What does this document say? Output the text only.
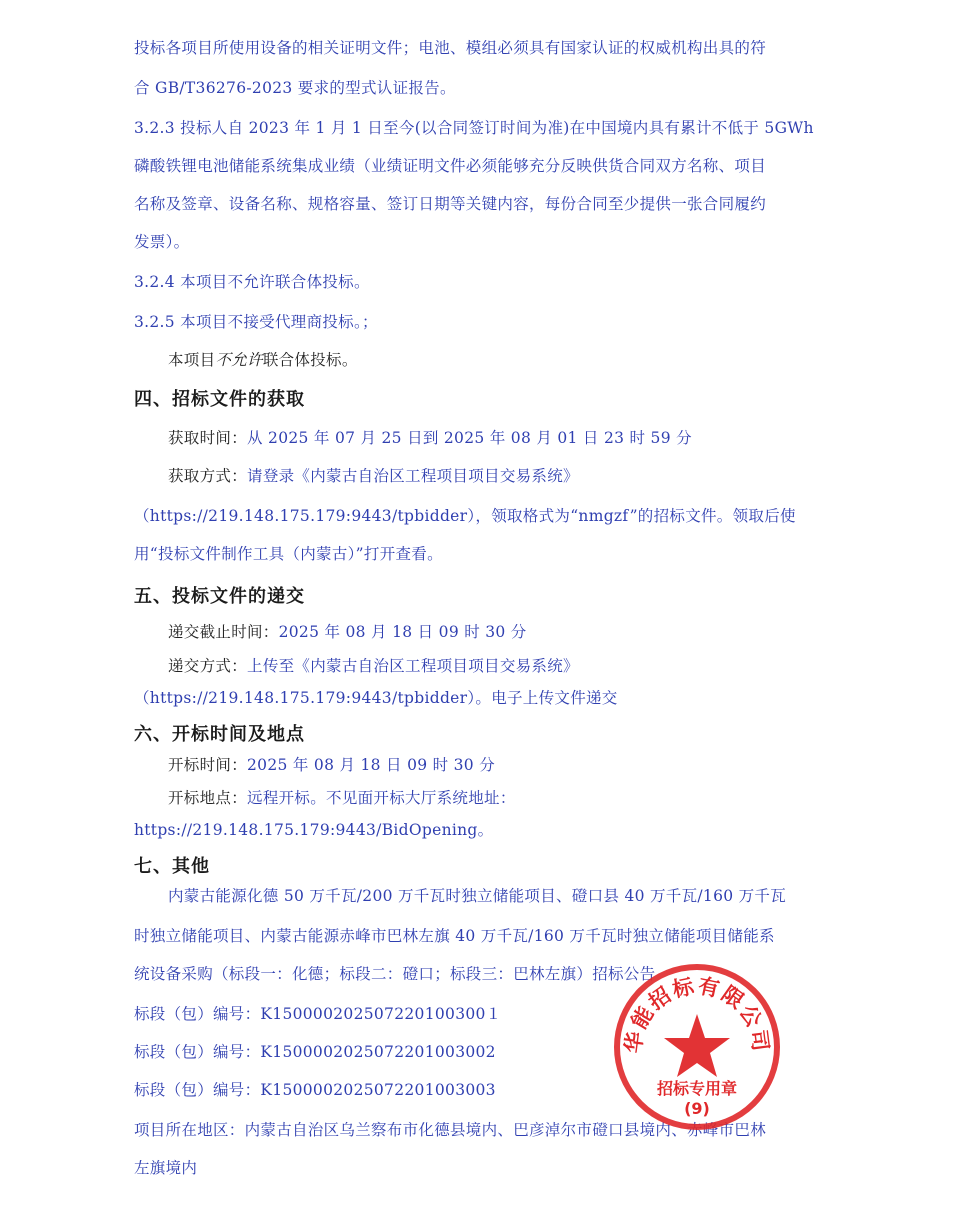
投标各项目所使用设备的相关证明文件；电池、模组必须具有国家认证的权威机构出具的符
合 GB/T36276-2023 要求的型式认证报告。
3.2.3 投标人自 2023 年 1 月 1 日至今(以合同签订时间为准)在中国境内具有累计不低于 5GWh
磷酸铁锂电池储能系统集成业绩（业绩证明文件必须能够充分反映供货合同双方名称、项目
名称及签章、设备名称、规格容量、签订日期等关键内容，每份合同至少提供一张合同履约
发票）。
3.2.4 本项目不允许联合体投标。
3.2.5 本项目不接受代理商投标。；
本项目不允许联合体投标。
四、招标文件的获取
获取时间：从 2025 年 07 月 25 日到 2025 年 08 月 01 日 23 时 59 分
获取方式：请登录《内蒙古自治区工程项目项目交易系统》
（https://219.148.175.179:9443/tpbidder），领取格式为“nmgzf”的招标文件。领取后使
用“投标文件制作工具（内蒙古）”打开查看。
五、投标文件的递交
递交截止时间：2025 年 08 月 18 日 09 时 30 分
递交方式：上传至《内蒙古自治区工程项目项目交易系统》
（https://219.148.175.179:9443/tpbidder）。电子上传文件递交
六、开标时间及地点
开标时间：2025 年 08 月 18 日 09 时 30 分
开标地点：远程开标。不见面开标大厅系统地址：
https://219.148.175.179:9443/BidOpening。
七、其他
内蒙古能源化德 50 万千瓦/200 万千瓦时独立储能项目、磴口县 40 万千瓦/160 万千瓦
时独立储能项目、内蒙古能源赤峰市巴林左旗 40 万千瓦/160 万千瓦时独立储能项目储能系
统设备采购（标段一：化德；标段二：磴口；标段三：巴林左旗）招标公告
标段（包）编号：K150000202507220100300１
标段（包）编号：K1500002025072201003002
标段（包）编号：K1500002025072201003003
项目所在地区：内蒙古自治区乌兰察布市化德县境内、巴彦淖尔市磴口县境内、赤峰市巴林
左旗境内
华能招标有限公司
招标专用章
(9)
